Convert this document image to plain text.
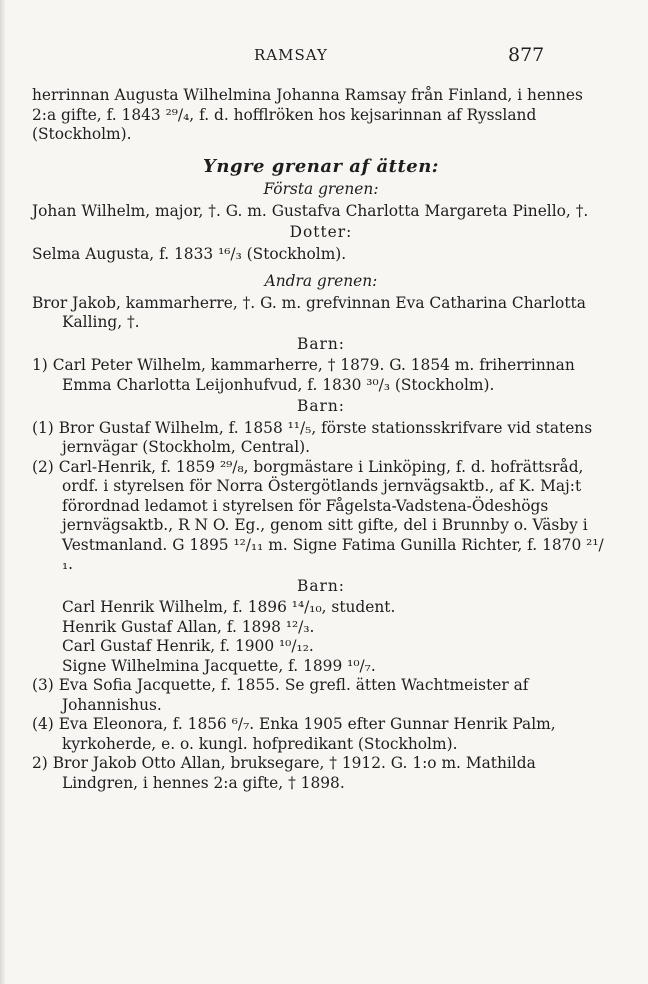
RAMSAY	877

herrinnan Augusta Wilhelmina Johanna Ramsay från Finland, i hennes 2:a gifte, f. 1843 ²⁹/₄, f. d. hofflröken hos kejsarinnan af Ryssland (Stockholm).

Yngre grenar af ätten:

Första grenen:

Johan Wilhelm, major, †. G. m. Gustafva Charlotta Margareta Pinello, †.

Dotter:

Selma Augusta, f. 1833 ¹⁶/₃ (Stockholm).

Andra grenen:

Bror Jakob, kammarherre, †. G. m. grefvinnan Eva Catharina Charlotta Kalling, †.

Barn:

1) Carl Peter Wilhelm, kammarherre, † 1879. G. 1854 m. friherrinnan Emma Charlotta Leijonhufvud, f. 1830 ³⁰/₃ (Stockholm).

Barn:

(1) Bror Gustaf Wilhelm, f. 1858 ¹¹/₅, förste stationsskrifvare vid statens jernvägar (Stockholm, Central).

(2) Carl-Henrik, f. 1859 ²⁹/₈, borgmästare i Linköping, f. d. hofrättsråd, ordf. i styrelsen för Norra Östergötlands jernvägsaktb., af K. Maj:t förordnad ledamot i styrelsen för Fågelsta-Vadstena-Ödeshögs jernvägsaktb., R N O. Eg., genom sitt gifte, del i Brunnby o. Väsby i Vestmanland. G 1895 ¹²/₁₁ m. Signe Fatima Gunilla Richter, f. 1870 ²¹/₁.

Barn:

Carl Henrik Wilhelm, f. 1896 ¹⁴/₁₀, student.

Henrik Gustaf Allan, f. 1898 ¹²/₃.

Carl Gustaf Henrik, f. 1900 ¹⁰/₁₂.

Signe Wilhelmina Jacquette, f. 1899 ¹⁰/₇.

(3) Eva Sofia Jacquette, f. 1855. Se grefl. ätten Wachtmeister af Johannishus.

(4) Eva Eleonora, f. 1856 ⁶/₇. Enka 1905 efter Gunnar Henrik Palm, kyrkoherde, e. o. kungl. hofpredikant (Stockholm).

2) Bror Jakob Otto Allan, bruksegare, † 1912. G. 1:o m. Mathilda Lindgren, i hennes 2:a gifte, † 1898.
